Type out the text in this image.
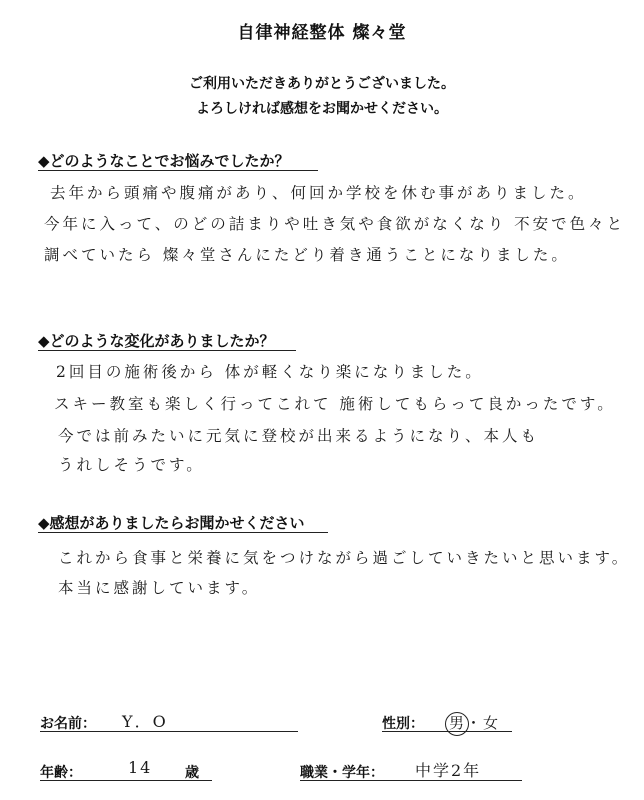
自律神経整体 燦々堂
ご利用いただきありがとうございました。
よろしければ感想をお聞かせください。
◆どのようなことでお悩みでしたか？
去年から頭痛や腹痛があり、何回か学校を休む事がありました。
今年に入って、のどの詰まりや吐き気や食欲がなくなり 不安で色々と
調べていたら 燦々堂さんにたどり着き通うことになりました。
◆どのような変化がありましたか？
2回目の施術後から 体が軽くなり楽になりました。
スキー教室も楽しく行ってこれて 施術してもらって良かったです。
今では前みたいに元気に登校が出来るようになり、本人も
うれしそうです。
◆感想がありましたらお聞かせください
これから食事と栄養に気をつけながら過ごしていきたいと思います。
本当に感謝しています。
お名前： Y．O	性別： 男・女
年齢：	14 歳	職業・学年： 中学2年
